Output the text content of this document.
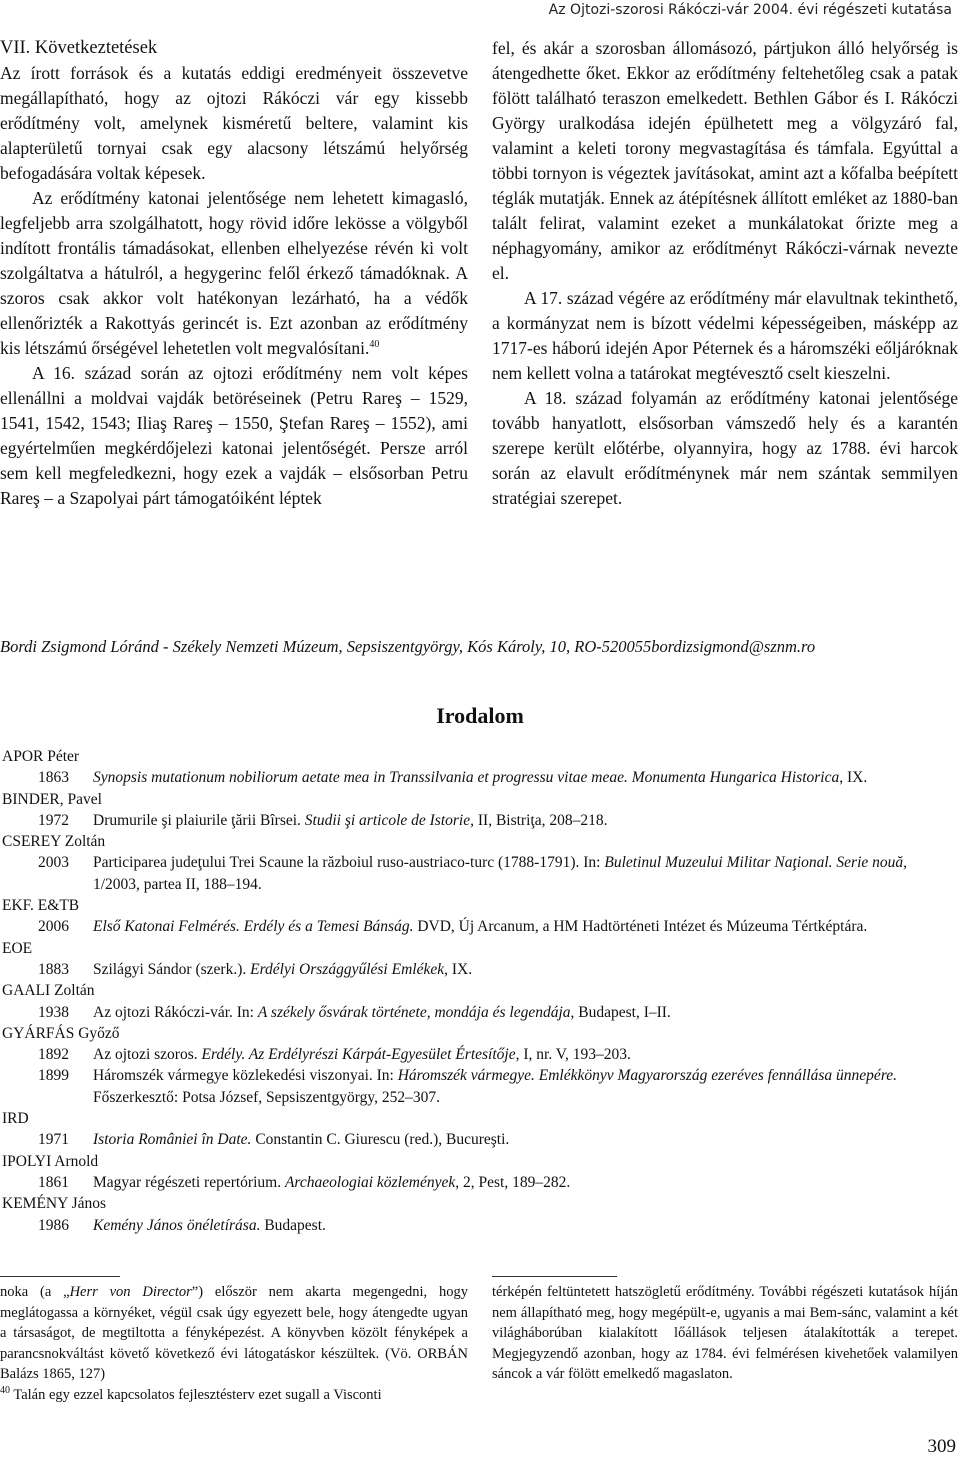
Az Ojtozi-szorosi Rákóczi-vár 2004. évi régészeti kutatása
VII. Következtetések

Az írott források és a kutatás eddigi eredményeit összevetve megállapítható, hogy az ojtozi Rákóczi vár egy kissebb erődítmény volt, amelynek kisméretű beltere, valamint kis alapterületű tornyai csak egy alacsony létszámú helyőrség befogadására voltak képesek.

Az erődítmény katonai jelentősége nem lehetett kimagasló, legfeljebb arra szolgálhatott, hogy rövid időre lekösse a völgyből indított frontális támadásokat, ellenben elhelyezése révén ki volt szolgáltatva a hátulról, a hegygerinc felől érkező támadóknak. A szoros csak akkor volt hatékonyan lezárható, ha a védők ellenőrizték a Rakottyás gerincét is. Ezt azonban az erődítmény kis létszámú őrségével lehetetlen volt megvalósítani.$^{40}$

A 16. század során az ojtozi erődítmény nem volt képes ellenállni a moldvai vajdák betöréseinek (Petru Rareş – 1529, 1541, 1542, 1543; Iliaş Rareş – 1550, Ştefan Rareş – 1552), ami egyértelműen megkérdőjelezi katonai jelentőségét. Persze arról sem kell megfeledkezni, hogy ezek a vajdák – elsősorban Petru Rareş – a Szapolyai párt támogatóiként léptek

fel, és akár a szorosban állomásozó, pártjukon álló helyőrség is átengedhette őket. Ekkor az erődítmény feltehetőleg csak a patak fölött található teraszon emelkedett. Bethlen Gábor és I. Rákóczi György uralkodása idején épülhetett meg a völgyzáró fal, valamint a keleti torony megvastagítása és támfala. Egyúttal a többi tornyon is végeztek javításokat, amint azt a kőfalba beépített téglák mutatják. Ennek az átépítésnek állított emléket az 1880-ban talált felirat, valamint ezeket a munkálatokat őrizte meg a néphagyomány, amikor az erődítményt Rákóczi-várnak nevezte el.

A 17. század végére az erődítmény már elavultnak tekinthető, a kormányzat nem is bízott védelmi képességeiben, másképp az 1717-es háború idején Apor Péternek és a háromszéki eőljáróknak nem kellett volna a tatárokat megtévesztő cselt kieszelni.

A 18. század folyamán az erődítmény katonai jelentősége tovább hanyatlott, elsősorban vámszedő hely és a karantén szerepe került előtérbe, olyannyira, hogy az 1788. évi harcok során az elavult erődítménynek már nem szántak semmilyen stratégiai szerepet.

Bordi Zsigmond Lóránd - Székely Nemzeti Múzeum, Sepsiszentgyörgy, Kós Károly, 10, RO-520055bordizsigmond@sznm.ro
Irodalom

APOR Péter

1863 Synopsis mutationum nobiliorum aetate mea in Transsilvania et progressu vitae meae. Monumenta Hungarica Historica, IX.

BINDER, Pavel

1972 Drumurile şi plaiurile ţării Bîrsei. Studii şi articole de Istorie, II, Bistriţa, 208–218.

CSEREY Zoltán

2003 Participarea judeţului Trei Scaune la războiul ruso-austriaco-turc (1788-1791). In: Buletinul Muzeului Militar Naţional. Serie nouă, 1/2003, partea II, 188–194.

EKF. E&TB

2006 Első Katonai Felmérés. Erdély és a Temesi Bánság. DVD, Új Arcanum, a HM Hadtörténeti Intézet és Múzeuma Tértképtára.

EOE

1883 Szilágyi Sándor (szerk.). Erdélyi Országgyűlési Emlékek, IX.

GAALI Zoltán

1938 Az ojtozi Rákóczi-vár. In: A székely ősvárak története, mondája és legendája, Budapest, I–II.

GYÁRFÁS Győző

1892 Az ojtozi szoros. Erdély. Az Erdélyrészi Kárpát-Egyesület Értesítője, I, nr. V, 193–203.

1899 Háromszék vármegye közlekedési viszonyai. In: Háromszék vármegye. Emlékkönyv Magyarország ezeréves fennállása ünnepére. Főszerkesztő: Potsa József, Sepsiszentgyörgy, 252–307.

IRD

1971 Istoria României în Date. Constantin C. Giurescu (red.), Bucureşti.

IPOLYI Arnold

1861 Magyar régészeti repertórium. Archaeologiai közlemények, 2, Pest, 189–282.

KEMÉNY János

1986 Kemény János önéletírása. Budapest.

noka (a „Herr von Director”) először nem akarta megengedni, hogy meglátogassa a környéket, végül csak úgy egyezett bele, hogy átengedte ugyan a társaságot, de megtiltotta a fényképezést. A könyvben közölt fényképek a parancsnokváltást követő következő évi látogatáskor készültek. (Vö. ORBÁN Balázs 1865, 127)

$^{40}$ Talán egy ezzel kapcsolatos fejlesztésterv ezet sugall a Visconti

térképén feltüntetett hatszögletű erődítmény. További régészeti kutatások híján nem állapítható meg, hogy megépült-e, ugyanis a mai Bem-sánc, valamint a két világháborúban kialakított lőállások teljesen átalakították a terepet. Megjegyzendő azonban, hogy az 1784. évi felmérésen kivehetőek valamilyen sáncok a vár fölött emelkedő magaslaton.

309
